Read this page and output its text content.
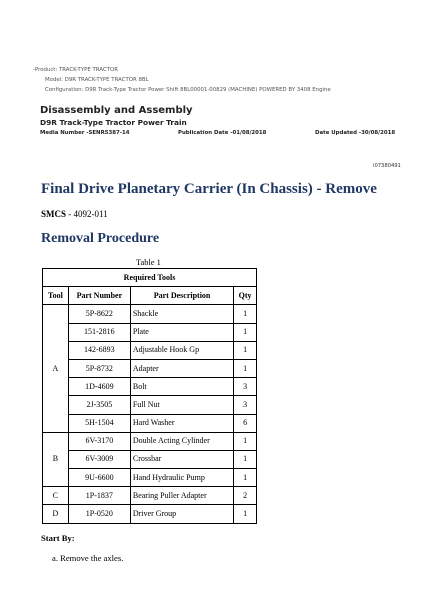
-Product: TRACK-TYPE TRACTOR
Model: D9R TRACK-TYPE TRACTOR 8BL
Configuration: D9R Track-Type Tractor Power Shift 8BL00001-00829 (MACHINE) POWERED BY 3408 Engine
Disassembly and Assembly
D9R Track-Type Tractor Power Train
Media Number -SENR5387-14	Publication Date -01/08/2018	Date Updated -30/08/2018
i07380491
Final Drive Planetary Carrier (In Chassis) - Remove
SMCS - 4092-011
Removal Procedure
Table 1
Required Tools			
Tool	Part Number	Part Description	Qty
A	5P-8622	Shackle	1
	151-2816	Plate	1
	142-6893	Adjustable Hook Gp	1
	5P-8732	Adapter	1
	1D-4609	Bolt	3
	2J-3505	Full Nut	3
	5H-1504	Hard Washer	6
B	6V-3170	Double Acting Cylinder	1
	6V-3009	Crossbar	1
	9U-6600	Hand Hydraulic Pump	1
C	1P-1837	Bearing Puller Adapter	2
D	1P-0520	Driver Group	1
Start By:
a. Remove the axles.
